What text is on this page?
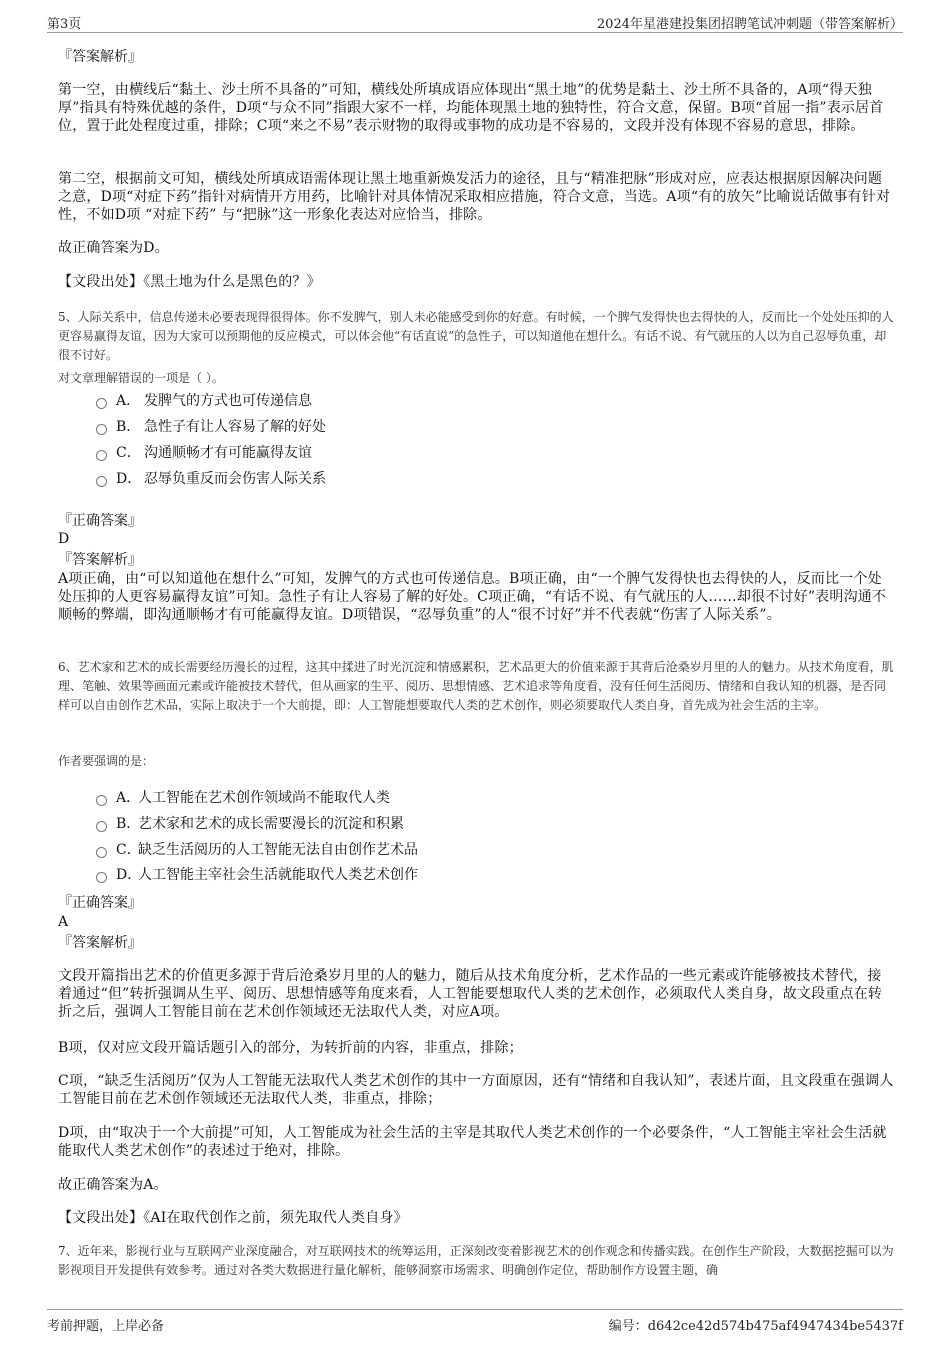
第3页	2024年星港建投集团招聘笔试冲刺题（带答案解析）
『答案解析』

第一空，由横线后“黏土、沙土所不具备的”可知，横线处所填成语应体现出“黑土地”的优势是黏土、沙土所不具备的，A项“得天独厚”指具有特殊优越的条件，D项“与众不同”指跟大家不一样，均能体现黑土地的独特性，符合文意，保留。B项“首屈一指”表示居首位，置于此处程度过重，排除；C项“来之不易”表示财物的取得或事物的成功是不容易的，文段并没有体现不容易的意思，排除。

第二空，根据前文可知，横线处所填成语需体现让黑土地重新焕发活力的途径，且与“精准把脉”形成对应，应表达根据原因解决问题之意，D项“对症下药”指针对病情开方用药，比喻针对具体情况采取相应措施，符合文意，当选。A项“有的放矢”比喻说话做事有针对性，不如D项 “对症下药” 与“把脉”这一形象化表达对应恰当，排除。

故正确答案为D。
【文段出处】《黑土地为什么是黑色的？》

5、人际关系中，信息传递未必要表现得很得体。你不发脾气，别人未必能感受到你的好意。有时候，一个脾气发得快也去得快的人，反而比一个处处压抑的人更容易赢得友谊，因为大家可以预期他的反应模式，可以体会他“有话直说”的急性子，可以知道他在想什么。有话不说、有气就压的人以为自己忍辱负重，却很不讨好。

对文章理解错误的一项是（ ）。
A． 发脾气的方式也可传递信息
B． 急性子有让人容易了解的好处
C． 沟通顺畅才有可能赢得友谊
D． 忍辱负重反而会伤害人际关系
『正确答案』
D
『答案解析』

A项正确，由“可以知道他在想什么”可知，发脾气的方式也可传递信息。B项正确，由“一个脾气发得快也去得快的人，反而比一个处处压抑的人更容易赢得友谊”可知。急性子有让人容易了解的好处。C项正确，“有话不说、有气就压的人……却很不讨好”表明沟通不顺畅的弊端，即沟通顺畅才有可能赢得友谊。D项错误，“忍辱负重”的人“很不讨好”并不代表就“伤害了人际关系”。

6、艺术家和艺术的成长需要经历漫长的过程，这其中揉进了时光沉淀和情感累积，艺术品更大的价值来源于其背后沧桑岁月里的人的魅力。从技术角度看，肌理、笔触、效果等画面元素或许能被技术替代，但从画家的生平、阅历、思想情感、艺术追求等角度看，没有任何生活阅历、情绪和自我认知的机器，是否同样可以自由创作艺术品，实际上取决于一个大前提，即：人工智能想要取代人类的艺术创作，则必须要取代人类自身，首先成为社会生活的主宰。

作者要强调的是：
A．
人工智能在艺术创作领域尚不能取代人类
B．
艺术家和艺术的成长需要漫长的沉淀和积累
C．
缺乏生活阅历的人工智能无法自由创作艺术品
D．
人工智能主宰社会生活就能取代人类艺术创作
『正确答案』
A
『答案解析』

文段开篇指出艺术的价值更多源于背后沧桑岁月里的人的魅力，随后从技术角度分析，艺术作品的一些元素或许能够被技术替代，接着通过“但”转折强调从生平、阅历、思想情感等角度来看，人工智能要想取代人类的艺术创作，必须取代人类自身，故文段重点在转折之后，强调人工智能目前在艺术创作领域还无法取代人类，对应A项。

B项，仅对应文段开篇话题引入的部分，为转折前的内容，非重点，排除；

C项，“缺乏生活阅历”仅为人工智能无法取代人类艺术创作的其中一方面原因，还有“情绪和自我认知”，表述片面，且文段重在强调人工智能目前在艺术创作领域还无法取代人类，非重点，排除；

D项，由“取决于一个大前提”可知，人工智能成为社会生活的主宰是其取代人类艺术创作的一个必要条件，“人工智能主宰社会生活就能取代人类艺术创作”的表述过于绝对，排除。

故正确答案为A。
【文段出处】《AI在取代创作之前，须先取代人类自身》

7、近年来，影视行业与互联网产业深度融合，对互联网技术的统筹运用，正深刻改变着影视艺术的创作观念和传播实践。在创作生产阶段，大数据挖掘可以为影视项目开发提供有效参考。通过对各类大数据进行量化解析，能够洞察市场需求、明确创作定位，帮助制作方设置主题，确

考前押题，上岸必备	编号：d642ce42d574b475af4947434be5437f
